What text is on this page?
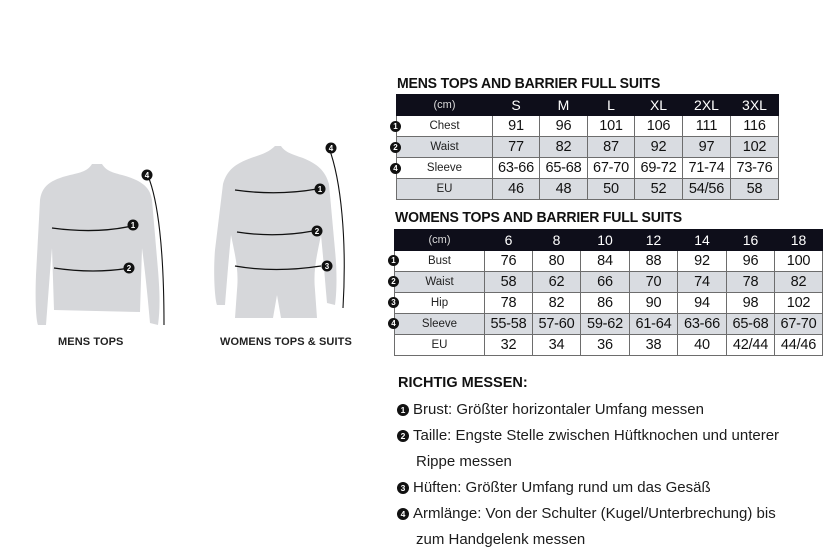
1
2
4
MENS TOPS
1
2
3
4
WOMENS TOPS & SUITS
MENS TOPS AND BARRIER FULL SUITS
(cm)	S	M	L	XL	2XL	3XL
Chest	91	96	101	106	111	116
Waist	77	82	87	92	97	102
Sleeve	63-66	65-68	67-70	69-72	71-74	73-76
EU	46	48	50	52	54/56	58
1
2
4
WOMENS TOPS AND BARRIER FULL SUITS
(cm)	6	8	10	12	14	16	18
Bust	76	80	84	88	92	96	100
Waist	58	62	66	70	74	78	82
Hip	78	82	86	90	94	98	102
Sleeve	55-58	57-60	59-62	61-64	63-66	65-68	67-70
EU	32	34	36	38	40	42/44	44/46
1
2
3
4
RICHTIG MESSEN:
1 Brust: Größter horizontaler Umfang messen
2 Taille: Engste Stelle zwischen Hüftknochen und unterer
Rippe messen
3 Hüften: Größter Umfang rund um das Gesäß
4 Armlänge: Von der Schulter (Kugel/Unterbrechung) bis
zum Handgelenk messen
